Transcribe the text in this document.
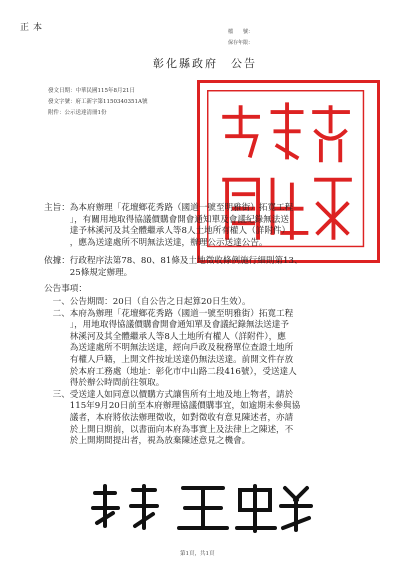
正本	檔　　號：
保存年限：
彰化縣政府　公告
發文日期：中華民國115年8月21日
發文字號：府工新字第1150340351A號
附件：公示送達清冊1份
主旨：為本府辦理「花壇鄉花秀路（國道一號至明雅街）拓寬工程
　　　」，有關用地取得協議價購會開會通知單及會議紀錄無法送
　　　達予林溪河及其全體繼承人等8人土地所有權人（詳附件）
　　　，應為送達處所不明無法送達，辦理公示送達公告。
依據：行政程序法第78、80、81條及土地徵收條例施行細則第13、
　　　25條規定辦理。
公告事項：
　一、公告期間：20日（自公告之日起算20日生效）。
　二、本府為辦理「花壇鄉花秀路（國道一號至明雅街）拓寬工程
　　　」，用地取得協議價購會開會通知單及會議紀錄無法送達予
　　　林溪河及其全體繼承人等8人土地所有權人（詳附件），應
　　　為送達處所不明無法送達，經向戶政及稅務單位查證土地所
　　　有權人戶籍，上開文件按址送達仍無法送達。前開文件存放
　　　於本府工務處（地址：彰化市中山路二段416號），受送達人
　　　得於辦公時間前往領取。
　三、受送達人如同意以價購方式讓售所有土地及地上物者，請於
　　　115年9月20日前至本府辦理協議價購事宜，如逾期未參與協
　　　議者，本府將依法辦理徵收，如對徵收有意見陳述者，亦請
　　　於上開日期前，以書面向本府為事實上及法律上之陳述，不
　　　於上開期間提出者，視為放棄陳述意見之機會。
第1頁，共1頁
